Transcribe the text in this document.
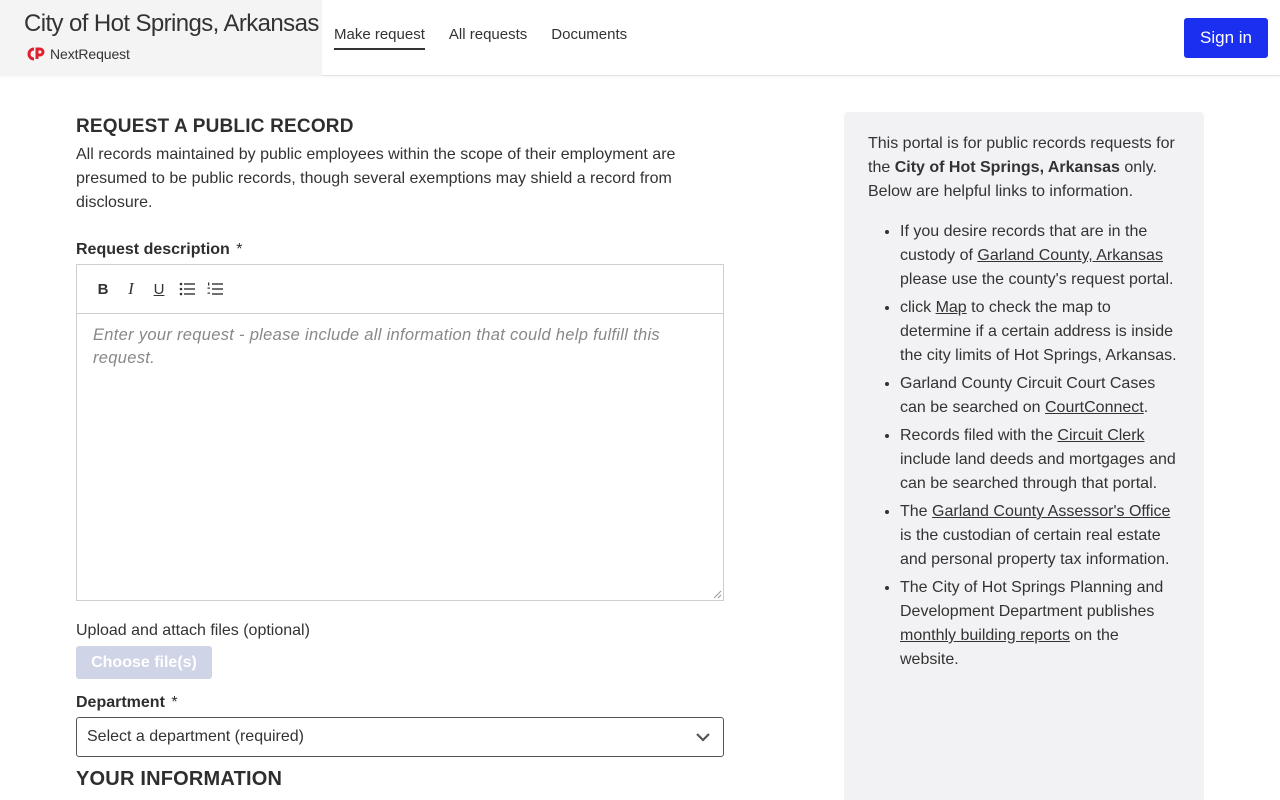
City of Hot Springs, Arkansas
NextRequest
Make request All requests Documents	Sign in
REQUEST A PUBLIC RECORD
All records maintained by public employees within the scope of their employment are presumed to be public records, though several exemptions may shield a record from disclosure.
Request description *
B	I	U
Enter your request - please include all information that could help fulfill this request.
Upload and attach files (optional)
Choose file(s)
Department *
Select a department (required)
YOUR INFORMATION

This portal is for public records requests for the City of Hot Springs, Arkansas only. Below are helpful links to information.

• If you desire records that are in the custody of Garland County, Arkansas please use the county's request portal.
• click Map to check the map to determine if a certain address is inside the city limits of Hot Springs, Arkansas.
• Garland County Circuit Court Cases can be searched on CourtConnect.
• Records filed with the Circuit Clerk include land deeds and mortgages and can be searched through that portal.
• The Garland County Assessor's Office is the custodian of certain real estate and personal property tax information.
• The City of Hot Springs Planning and Development Department publishes monthly building reports on the website.
